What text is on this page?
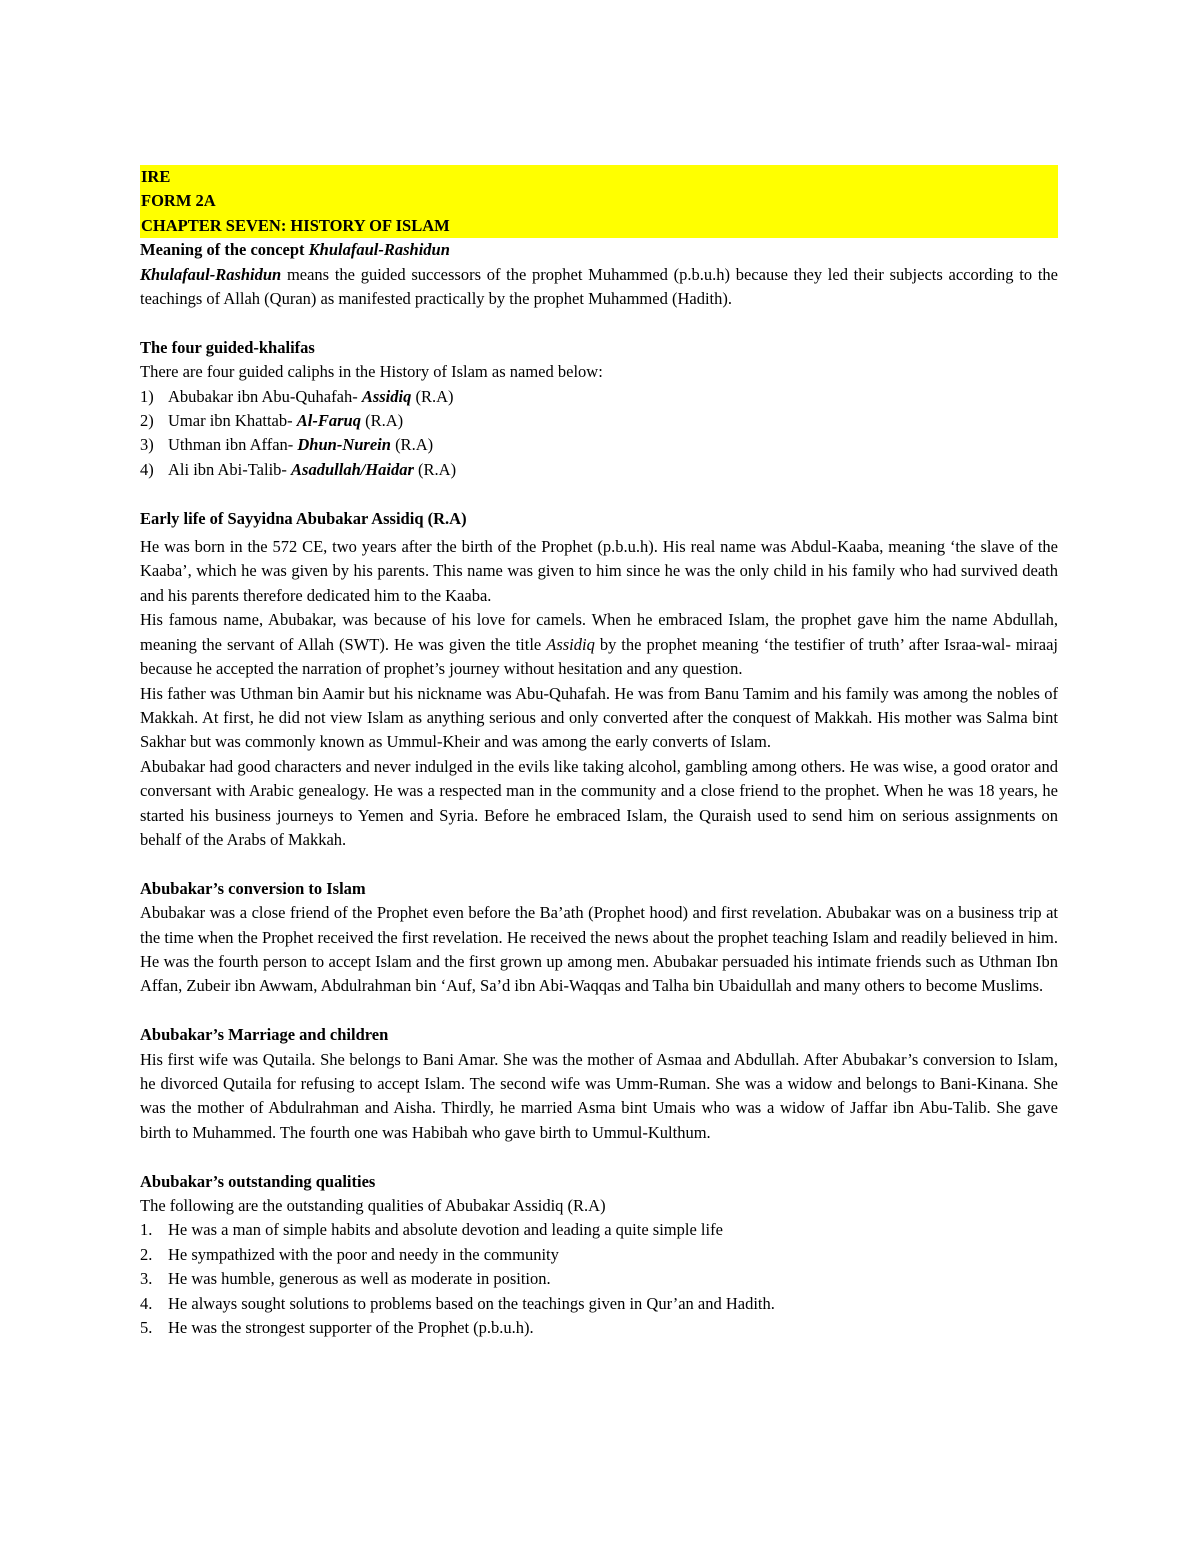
IRE
FORM 2A
CHAPTER SEVEN: HISTORY OF ISLAM

Meaning of the concept Khulafaul-Rashidun

Khulafaul-Rashidun means the guided successors of the prophet Muhammed (p.b.u.h) because they led their subjects according to the teachings of Allah (Quran) as manifested practically by the prophet Muhammed (Hadith).

The four guided-khalifas

There are four guided caliphs in the History of Islam as named below:

1) Abubakar ibn Abu-Quhafah- Assidiq (R.A)
2) Umar ibn Khattab- Al-Faruq (R.A)
3) Uthman ibn Affan- Dhun-Nurein (R.A)
4) Ali ibn Abi-Talib- Asadullah/Haidar (R.A)

Early life of Sayyidna Abubakar Assidiq (R.A)

He was born in the 572 CE, two years after the birth of the Prophet (p.b.u.h). His real name was Abdul-Kaaba, meaning ‘the slave of the Kaaba’, which he was given by his parents. This name was given to him since he was the only child in his family who had survived death and his parents therefore dedicated him to the Kaaba.

His famous name, Abubakar, was because of his love for camels. When he embraced Islam, the prophet gave him the name Abdullah, meaning the servant of Allah (SWT). He was given the title Assidiq by the prophet meaning ‘the testifier of truth’ after Israa-wal- miraaj because he accepted the narration of prophet’s journey without hesitation and any question.

His father was Uthman bin Aamir but his nickname was Abu-Quhafah. He was from Banu Tamim and his family was among the nobles of Makkah. At first, he did not view Islam as anything serious and only converted after the conquest of Makkah. His mother was Salma bint Sakhar but was commonly known as Ummul-Kheir and was among the early converts of Islam.

Abubakar had good characters and never indulged in the evils like taking alcohol, gambling among others. He was wise, a good orator and conversant with Arabic genealogy. He was a respected man in the community and a close friend to the prophet. When he was 18 years, he started his business journeys to Yemen and Syria. Before he embraced Islam, the Quraish used to send him on serious assignments on behalf of the Arabs of Makkah.

Abubakar’s conversion to Islam

Abubakar was a close friend of the Prophet even before the Ba’ath (Prophet hood) and first revelation. Abubakar was on a business trip at the time when the Prophet received the first revelation. He received the news about the prophet teaching Islam and readily believed in him. He was the fourth person to accept Islam and the first grown up among men. Abubakar persuaded his intimate friends such as Uthman Ibn Affan, Zubeir ibn Awwam, Abdulrahman bin ‘Auf, Sa’d ibn Abi-Waqqas and Talha bin Ubaidullah and many others to become Muslims.

Abubakar’s Marriage and children

His first wife was Qutaila. She belongs to Bani Amar. She was the mother of Asmaa and Abdullah. After Abubakar’s conversion to Islam, he divorced Qutaila for refusing to accept Islam. The second wife was Umm-Ruman. She was a widow and belongs to Bani-Kinana. She was the mother of Abdulrahman and Aisha. Thirdly, he married Asma bint Umais who was a widow of Jaffar ibn Abu-Talib. She gave birth to Muhammed. The fourth one was Habibah who gave birth to Ummul-Kulthum.

Abubakar’s outstanding qualities

The following are the outstanding qualities of Abubakar Assidiq (R.A)

1. He was a man of simple habits and absolute devotion and leading a quite simple life
2. He sympathized with the poor and needy in the community
3. He was humble, generous as well as moderate in position.
4. He always sought solutions to problems based on the teachings given in Qur’an and Hadith.
5. He was the strongest supporter of the Prophet (p.b.u.h).
